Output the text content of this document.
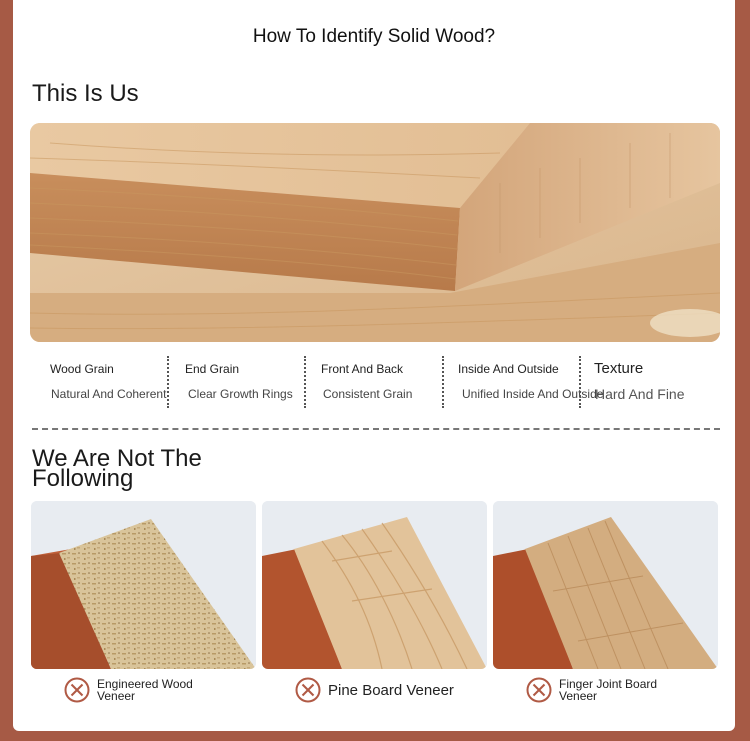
How To Identify Solid Wood?
This Is Us
Wood Grain
Natural And Coherent
End Grain
Clear Growth Rings
Front And Back
Consistent Grain
Inside And Outside
Unified Inside And Outside
Texture
Hard And Fine
We Are Not The Following
Engineered Wood Veneer	Pine Board Veneer	Finger Joint Board Veneer
